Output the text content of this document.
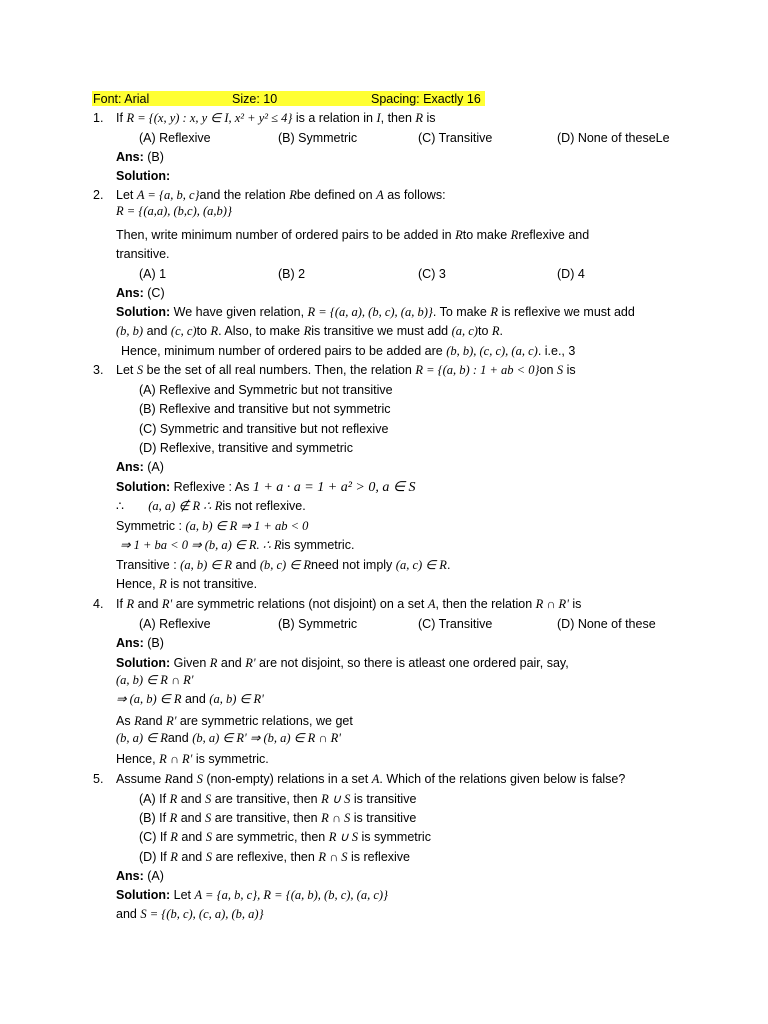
Font: Arial	Size: 10	Spacing: Exactly 16
1. If R = {(x, y) : x, y ∈ I, x² + y² ≤ 4} is a relation in I, then R is
(A) Reflexive	(B) Symmetric	(C) Transitive	(D) None of theseLe
Ans: (B)
Solution:
2. Let A = {a, b, c}and the relation Rbe defined on A as follows:
R = {(a,a), (b,c), (a,b)}
Then, write minimum number of ordered pairs to be added in Rto make Rreflexive and
transitive.
(A) 1	(B) 2	(C) 3	(D) 4
Ans: (C)
Solution: We have given relation, R = {(a, a), (b, c), (a, b)}. To make R is reflexive we must add
(b, b) and (c, c)to R. Also, to make Ris transitive we must add (a, c)to R.
Hence, minimum number of ordered pairs to be added are (b, b), (c, c), (a, c). i.e., 3
3. Let S be the set of all real numbers. Then, the relation R = {(a, b) : 1 + ab < 0}on S is
(A) Reflexive and Symmetric but not transitive
(B) Reflexive and transitive but not symmetric
(C) Symmetric and transitive but not reflexive
(D) Reflexive, transitive and symmetric
Ans: (A)
Solution: Reflexive : As 1 + a · a = 1 + a² > 0, a ∈ S
∴ (a, a) ∉ R ∴ Ris not reflexive.
Symmetric : (a, b) ∈ R ⇒ 1 + ab < 0
⇒ 1 + ba < 0 ⇒ (b, a) ∈ R. ∴ Ris symmetric.
Transitive : (a, b) ∈ R and (b, c) ∈ Rneed not imply (a, c) ∈ R.
Hence, R is not transitive.
4. If R and R' are symmetric relations (not disjoint) on a set A, then the relation R ∩ R' is
(A) Reflexive	(B) Symmetric	(C) Transitive	(D) None of these
Ans: (B)
Solution: Given R and R' are not disjoint, so there is atleast one ordered pair, say,
(a, b) ∈ R ∩ R'
⇒ (a, b) ∈ R and (a, b) ∈ R'
As Rand R' are symmetric relations, we get
(b, a) ∈ Rand (b, a) ∈ R' ⇒ (b, a) ∈ R ∩ R'
Hence, R ∩ R' is symmetric.
5. Assume Rand S (non-empty) relations in a set A. Which of the relations given below is false?
(A) If R and S are transitive, then R ∪ S is transitive
(B) If R and S are transitive, then R ∩ S is transitive
(C) If R and S are symmetric, then R ∪ S is symmetric
(D) If R and S are reflexive, then R ∩ S is reflexive
Ans: (A)
Solution: Let A = {a, b, c}, R = {(a, b), (b, c), (a, c)}
and S = {(b, c), (c, a), (b, a)}
